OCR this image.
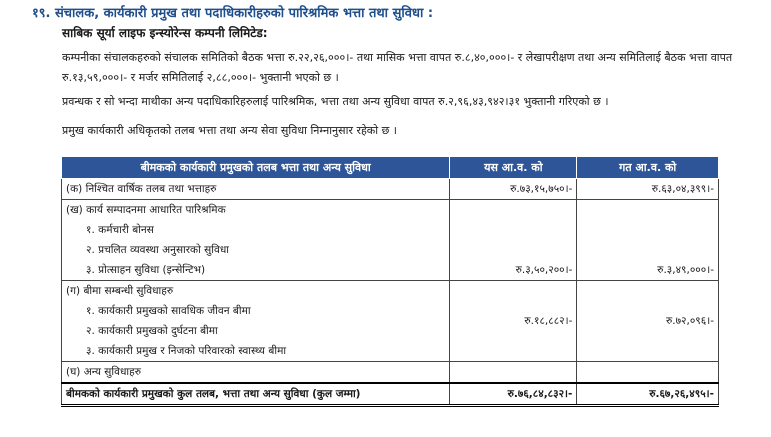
१९. संचालक, कार्यकारी प्रमुख तथा पदाधिकारीहरुको पारिश्रमिक भत्ता तथा सुविधा :
साबिक सूर्या लाइफ इन्स्योरेन्स कम्पनी लिमिटेड:
कम्पनीका संचालकहरुको संचालक समितिको बैठक भत्ता रु.२२,२६,०००।- तथा मासिक भत्ता वापत रु.८,४०,०००।- र लेखापरीक्षण तथा अन्य समितिलाई बैठक भत्ता वापत रु.१३,५९,०००।- र मर्जर समितिलाई २,८८,०००।- भुक्तानी भएको छ ।
प्रवन्धक र सो भन्दा माथीका अन्य पदाधिकारिहरुलाई पारिश्रमिक, भत्ता तथा अन्य सुविधा वापत रु.२,९६,४३,९४२।३१ भुक्तानी गरिएको छ ।
प्रमुख कार्यकारी अधिकृतको तलब भत्ता तथा अन्य सेवा सुविधा निम्नानुसार रहेको छ ।
बीमकको कार्यकारी प्रमुखको तलब भत्ता तथा अन्य सुविधा	यस आ.व. को	गत आ.व. को

(क) निश्चित वार्षिक तलब तथा भत्ताहरु	रु.७३,१५,७५०।-	रु.६३,०४,३९९।-

(ख) कार्य सम्पादनमा आधारित पारिश्रमिक
१. कर्मचारी बोनस
२. प्रचलित व्यवस्था अनुसारको सुविधा
३. प्रोत्साहन सुविधा (इन्सेन्टिभ)	रु.३,५०,२००।-	रु.३,४९,०००।-

(ग) बीमा सम्बन्धी सुविधाहरु
१. कार्यकारी प्रमुखको सावधिक जीवन बीमा
२. कार्यकारी प्रमुखको दुर्घटना बीमा
३. कार्यकारी प्रमुख र निजको परिवारको स्वास्थ्य बीमा	रु.१८,८८२।-	रु.७२,०९६।-

(घ) अन्य सुविधाहरु		

बीमकको कार्यकारी प्रमुखको कुल तलब, भत्ता तथा अन्य सुविधा (कुल जम्मा)	रु.७६,८४,८३२।-	रु.६७,२६,४९५।-
